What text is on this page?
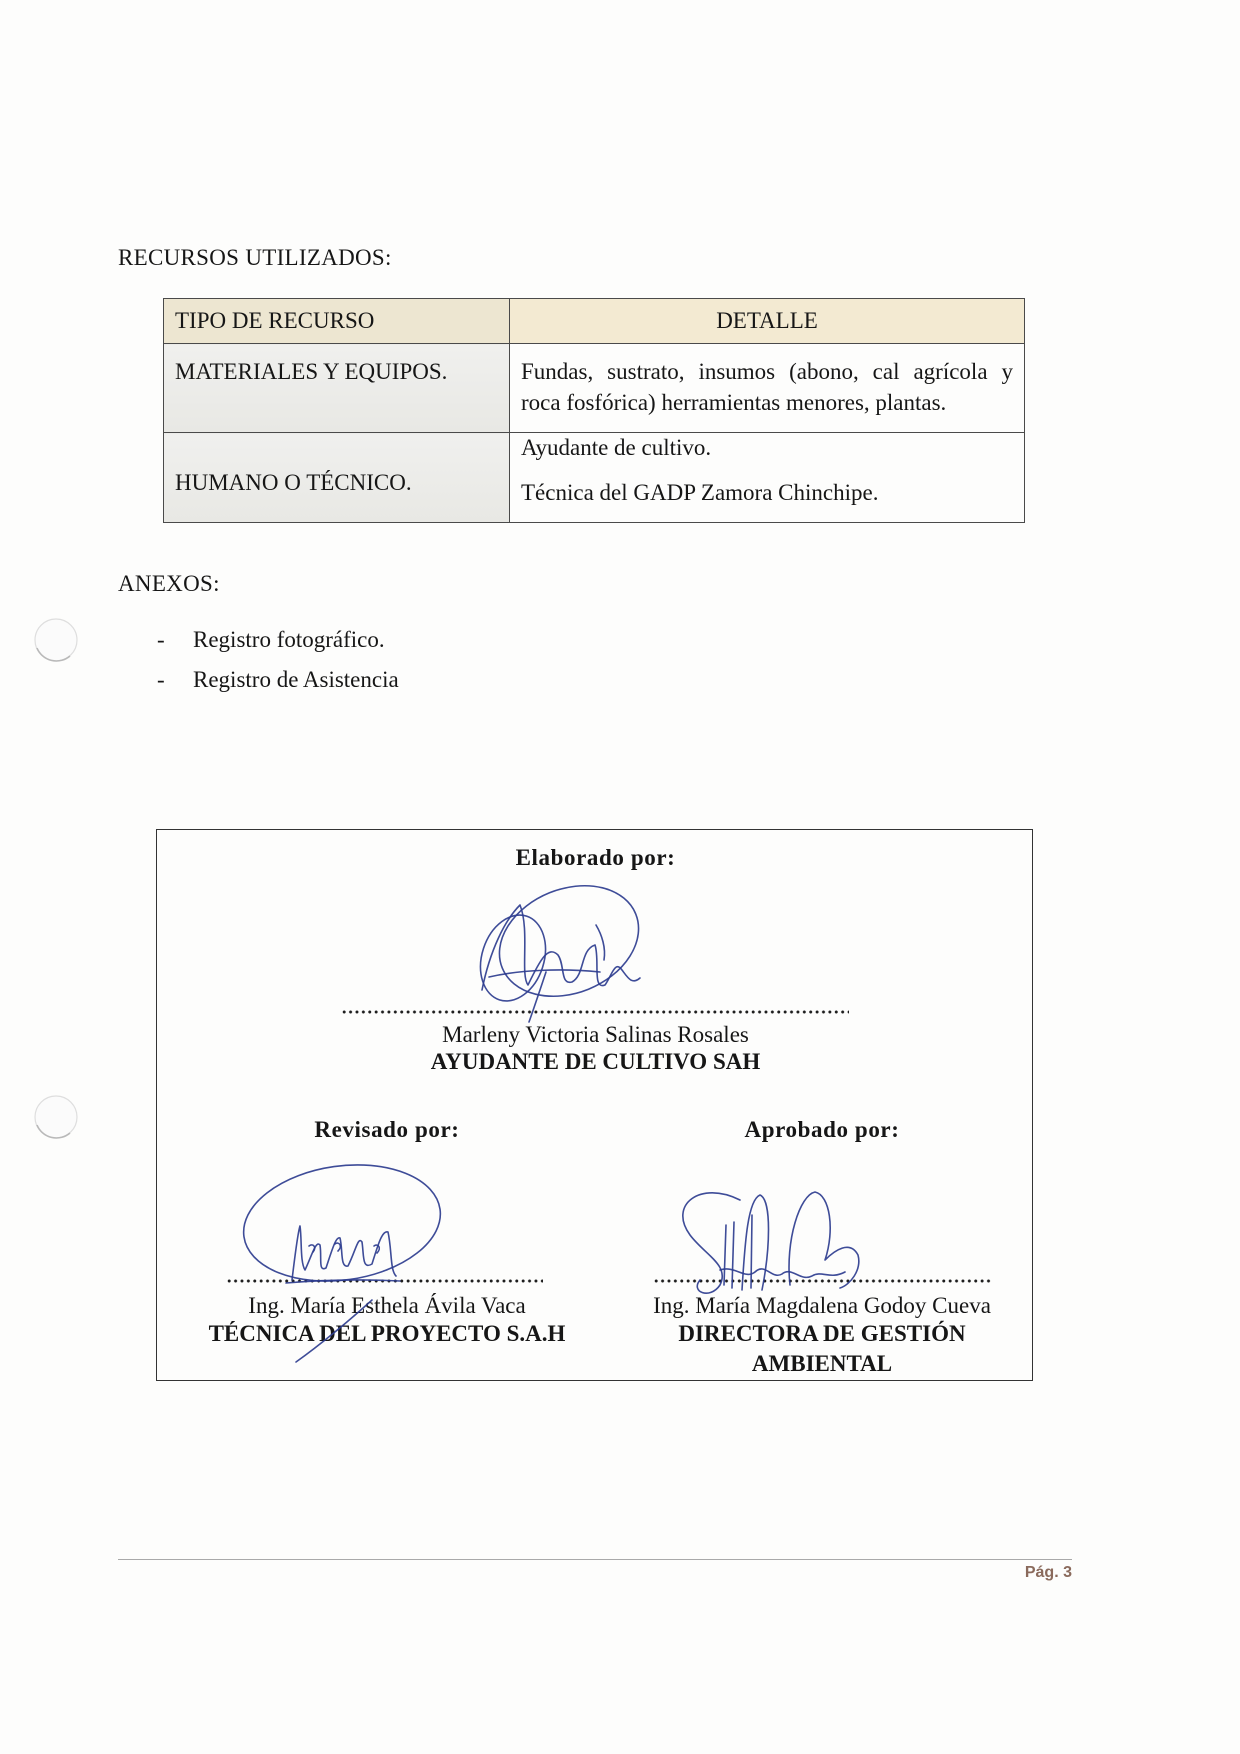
RECURSOS UTILIZADOS:
TIPO DE RECURSO	DETALLE
MATERIALES Y EQUIPOS.	Fundas, sustrato, insumos (abono, cal agrícola y
roca fosfórica) herramientas menores, plantas.

HUMANO O TÉCNICO.	Ayudante de cultivo.
Técnica del GADP Zamora Chinchipe.
ANEXOS:
- Registro fotográfico.
- Registro de Asistencia
Elaborado por:
Marleny Victoria Salinas Rosales
AYUDANTE DE CULTIVO SAH
Revisado por:
Ing. María Esthela Ávila Vaca
TÉCNICA DEL PROYECTO S.A.H
Aprobado por:
Ing. María Magdalena Godoy Cueva
DIRECTORA DE GESTIÓN
AMBIENTAL
Pág. 3
